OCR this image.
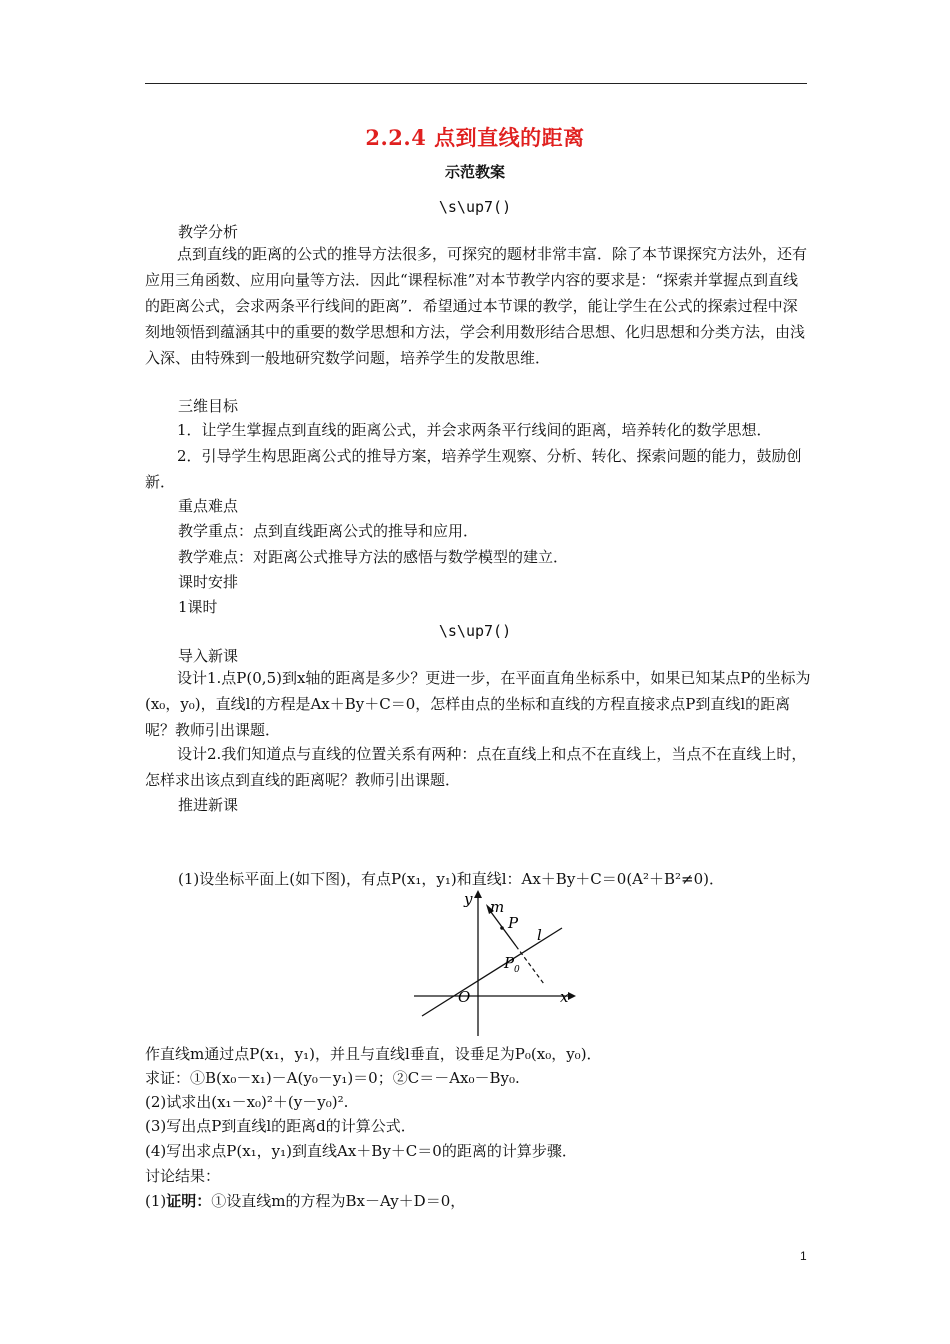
2.2.4 点到直线的距离
示范教案
\s\up7()
教学分析
点到直线的距离的公式的推导方法很多，可探究的题材非常丰富．除了本节课探究方法外，还有应用三角函数、应用向量等方法．因此“课程标准”对本节教学内容的要求是：“探索并掌握点到直线的距离公式，会求两条平行线间的距离”．希望通过本节课的教学，能让学生在公式的探索过程中深刻地领悟到蕴涵其中的重要的数学思想和方法，学会利用数形结合思想、化归思想和分类方法，由浅入深、由特殊到一般地研究数学问题，培养学生的发散思维．
三维目标
1．让学生掌握点到直线的距离公式，并会求两条平行线间的距离，培养转化的数学思想．
2．引导学生构思距离公式的推导方案，培养学生观察、分析、转化、探索问题的能力，鼓励创新．
重点难点
教学重点：点到直线距离公式的推导和应用．
教学难点：对距离公式推导方法的感悟与数学模型的建立．
课时安排
1课时
\s\up7()
导入新课
设计1.点P(0,5)到x轴的距离是多少？更进一步，在平面直角坐标系中，如果已知某点P的坐标为(x₀，y₀)，直线l的方程是Ax＋By＋C＝0，怎样由点的坐标和直线的方程直接求点P到直线l的距离呢？教师引出课题．
设计2.我们知道点与直线的位置关系有两种：点在直线上和点不在直线上，当点不在直线上时，怎样求出该点到直线的距离呢？教师引出课题．
推进新课
(1)设坐标平面上(如下图)，有点P(x₁，y₁)和直线l：Ax＋By＋C＝0(A²＋B²≠0)．
y m
P
l
P 0
O	x
作直线m通过点P(x₁，y₁)，并且与直线l垂直，设垂足为P₀(x₀，y₀)．
求证：①B(x₀－x₁)－A(y₀－y₁)＝0；②C＝－Ax₀－By₀.
(2)试求出(x₁－x₀)²＋(y－y₀)².
(3)写出点P到直线l的距离d的计算公式．
(4)写出求点P(x₁，y₁)到直线Ax＋By＋C＝0的距离的计算步骤．
讨论结果：
(1)证明：①设直线m的方程为Bx－Ay＋D＝0，
1
